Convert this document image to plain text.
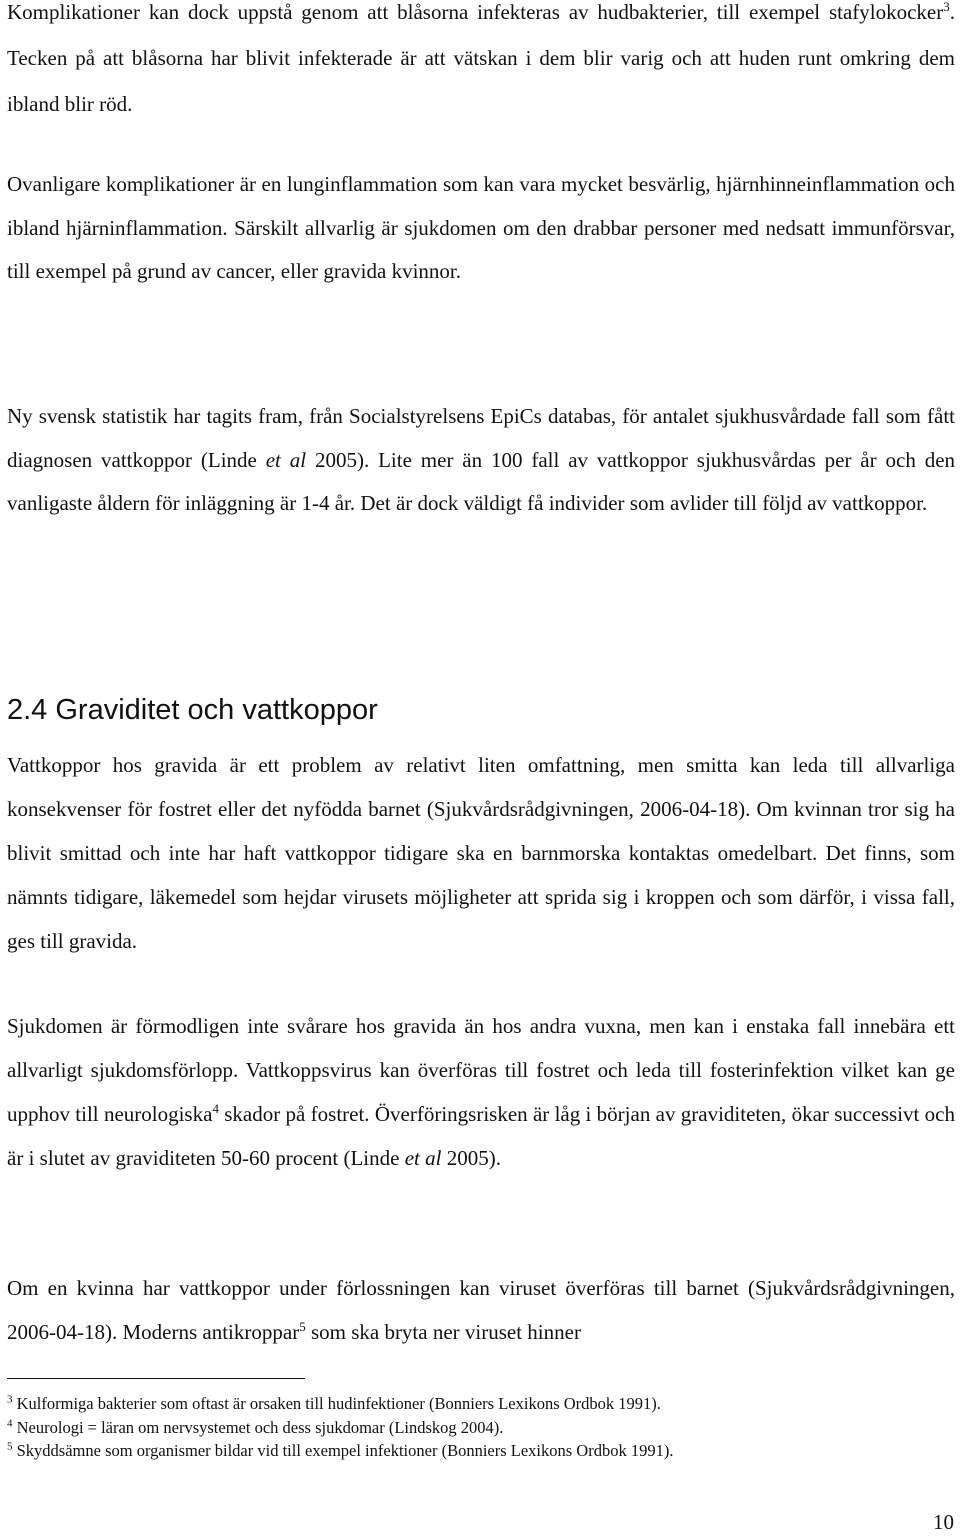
Komplikationer kan dock uppstå genom att blåsorna infekteras av hudbakterier, till exempel stafylokocker$^3$. Tecken på att blåsorna har blivit infekterade är att vätskan i dem blir varig och att huden runt omkring dem ibland blir röd.

Ovanligare komplikationer är en lunginflammation som kan vara mycket besvärlig, hjärnhinneinflammation och ibland hjärninflammation. Särskilt allvarlig är sjukdomen om den drabbar personer med nedsatt immunförsvar, till exempel på grund av cancer, eller gravida kvinnor.

Ny svensk statistik har tagits fram, från Socialstyrelsens EpiCs databas, för antalet sjukhusvårdade fall som fått diagnosen vattkoppor (Linde et al 2005). Lite mer än 100 fall av vattkoppor sjukhusvårdas per år och den vanligaste åldern för inläggning är 1-4 år. Det är dock väldigt få individer som avlider till följd av vattkoppor.

2.4 Graviditet och vattkoppor

Vattkoppor hos gravida är ett problem av relativt liten omfattning, men smitta kan leda till allvarliga konsekvenser för fostret eller det nyfödda barnet (Sjukvårdsrådgivningen, 2006-04-18). Om kvinnan tror sig ha blivit smittad och inte har haft vattkoppor tidigare ska en barnmorska kontaktas omedelbart. Det finns, som nämnts tidigare, läkemedel som hejdar virusets möjligheter att sprida sig i kroppen och som därför, i vissa fall, ges till gravida.

Sjukdomen är förmodligen inte svårare hos gravida än hos andra vuxna, men kan i enstaka fall innebära ett allvarligt sjukdomsförlopp. Vattkoppsvirus kan överföras till fostret och leda till fosterinfektion vilket kan ge upphov till neurologiska$^4$ skador på fostret. Överföringsrisken är låg i början av graviditeten, ökar successivt och är i slutet av graviditeten 50-60 procent (Linde et al 2005).

Om en kvinna har vattkoppor under förlossningen kan viruset överföras till barnet (Sjukvårdsrådgivningen, 2006-04-18). Moderns antikroppar$^5$ som ska bryta ner viruset hinner

$^3$ Kulformiga bakterier som oftast är orsaken till hudinfektioner (Bonniers Lexikons Ordbok 1991).

$^4$ Neurologi = läran om nervsystemet och dess sjukdomar (Lindskog 2004).

$^5$ Skyddsämne som organismer bildar vid till exempel infektioner (Bonniers Lexikons Ordbok 1991).

10
